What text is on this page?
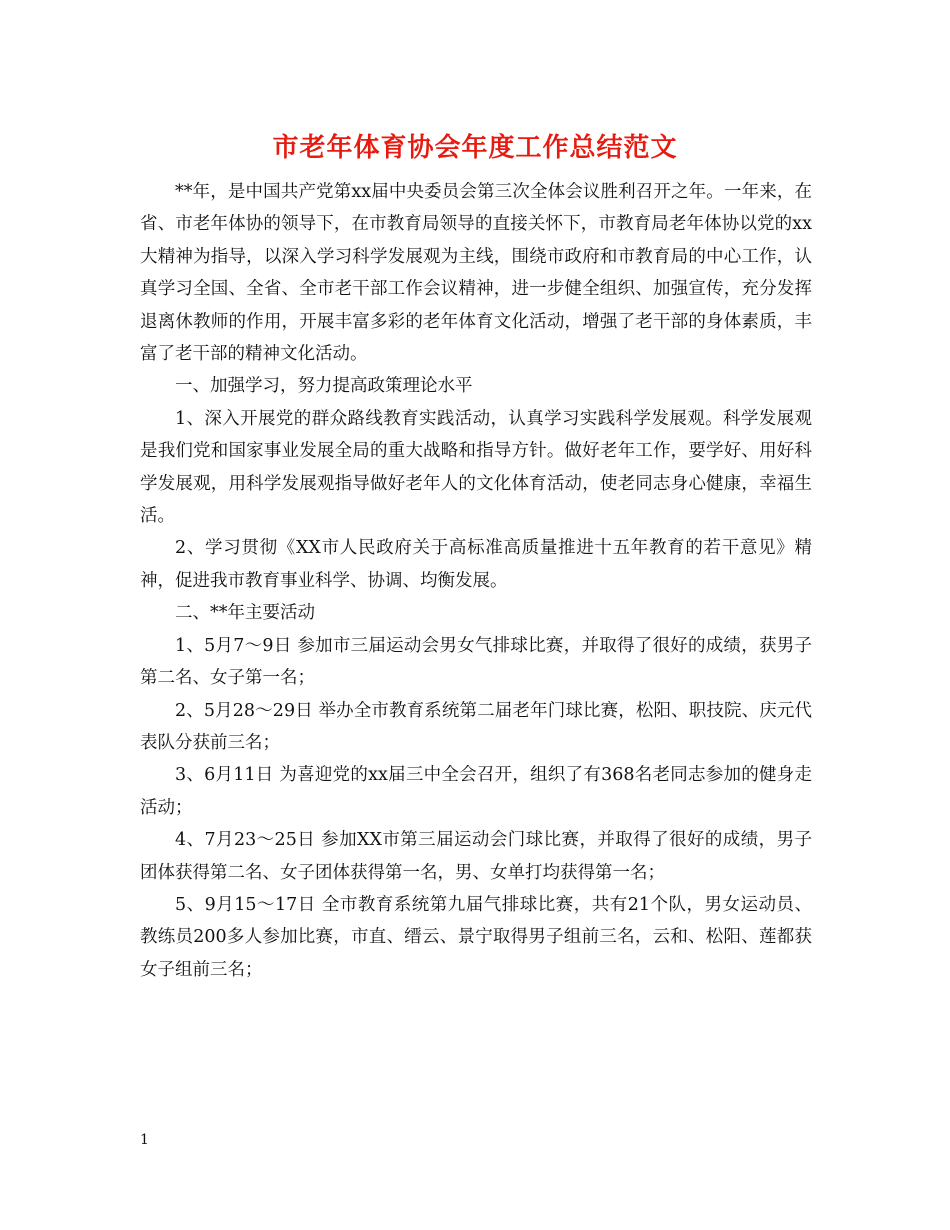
市老年体育协会年度工作总结范文

**年，是中国共产党第xx届中央委员会第三次全体会议胜利召开之年。一年来，在省、市老年体协的领导下，在市教育局领导的直接关怀下，市教育局老年体协以党的xx大精神为指导，以深入学习科学发展观为主线，围绕市政府和市教育局的中心工作，认真学习全国、全省、全市老干部工作会议精神，进一步健全组织、加强宣传，充分发挥退离休教师的作用，开展丰富多彩的老年体育文化活动，增强了老干部的身体素质，丰富了老干部的精神文化活动。

一、加强学习，努力提高政策理论水平

1、深入开展党的群众路线教育实践活动，认真学习实践科学发展观。科学发展观是我们党和国家事业发展全局的重大战略和指导方针。做好老年工作，要学好、用好科学发展观，用科学发展观指导做好老年人的文化体育活动，使老同志身心健康，幸福生活。

2、学习贯彻《XX市人民政府关于高标准高质量推进十五年教育的若干意见》精神，促进我市教育事业科学、协调、均衡发展。

二、**年主要活动

1、5月7～9日 参加市三届运动会男女气排球比赛，并取得了很好的成绩，获男子第二名、女子第一名；

2、5月28～29日 举办全市教育系统第二届老年门球比赛，松阳、职技院、庆元代表队分获前三名；

3、6月11日 为喜迎党的xx届三中全会召开，组织了有368名老同志参加的健身走活动；

4、7月23～25日 参加XX市第三届运动会门球比赛，并取得了很好的成绩，男子团体获得第二名、女子团体获得第一名，男、女单打均获得第一名；

5、9月15～17日 全市教育系统第九届气排球比赛，共有21个队，男女运动员、教练员200多人参加比赛，市直、缙云、景宁取得男子组前三名，云和、松阳、莲都获女子组前三名；

1
